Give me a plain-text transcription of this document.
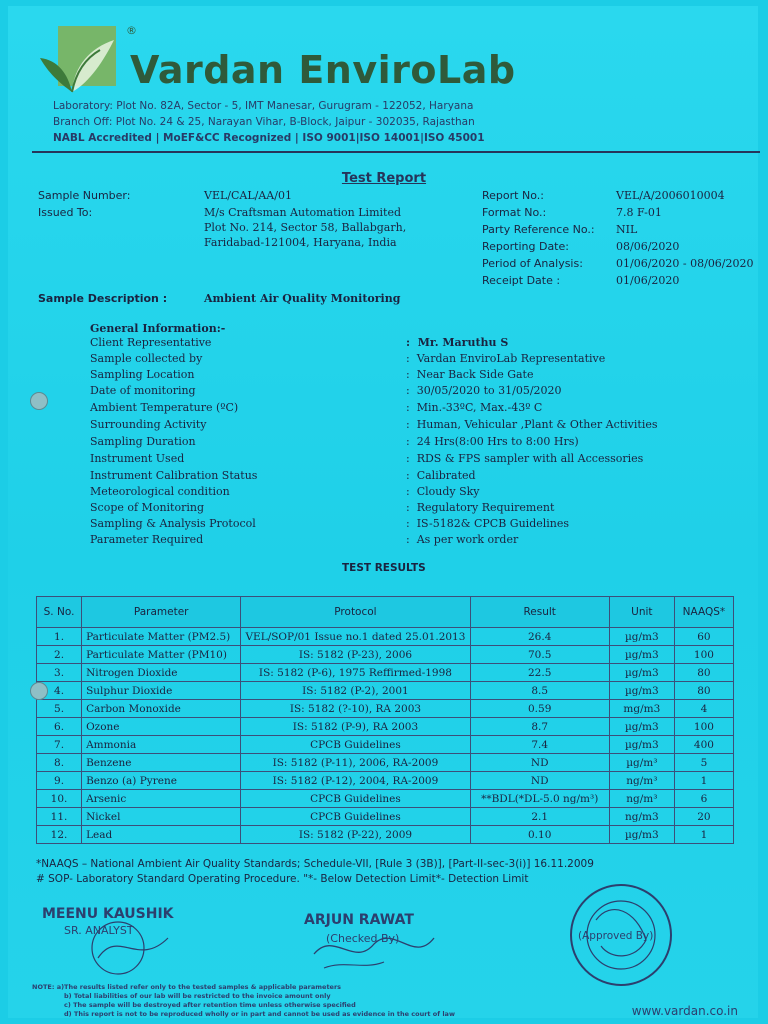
®
Vardan EnviroLab
Laboratory: Plot No. 82A, Sector - 5, IMT Manesar, Gurugram - 122052, Haryana
Branch Off: Plot No. 24 & 25, Narayan Vihar, B-Block, Jaipur - 302035, Rajasthan
NABL Accredited | MoEF&CC Recognized | ISO 9001|ISO 14001|ISO 45001
Test Report
Sample Number:	VEL/CAL/AA/01
Issued To:	M/s Craftsman Automation Limited
Plot No. 214, Sector 58, Ballabgarh,
Faridabad-121004, Haryana, India
Report No.:	VEL/A/2006010004
Format No.:	7.8 F-01
Party Reference No.: NIL
Reporting Date:	08/06/2020
Period of Analysis:	01/06/2020 - 08/06/2020
Receipt Date :	01/06/2020
Sample Description :	Ambient Air Quality Monitoring
General Information:-
Client Representative	:  Mr. Maruthu S
Sample collected by	:  Vardan EnviroLab Representative
Sampling Location	:  Near Back Side Gate
Date of monitoring	:  30/05/2020 to 31/05/2020
Ambient Temperature (ºC)	:  Min.-33ºC, Max.-43º C
Surrounding Activity	:  Human, Vehicular ,Plant & Other Activities
Sampling Duration	:  24 Hrs(8:00 Hrs to 8:00 Hrs)
Instrument Used	:  RDS & FPS sampler with all Accessories
Instrument Calibration Status	:  Calibrated
Meteorological condition	:  Cloudy Sky
Scope of Monitoring	:  Regulatory Requirement
Sampling & Analysis Protocol	:  IS-5182& CPCB Guidelines
Parameter Required	:  As per work order
TEST RESULTS
S. No.	Parameter	Protocol	Result	Unit	NAAQS*
1.	Particulate Matter (PM2.5)	VEL/SOP/01 Issue no.1 dated 25.01.2013	26.4	µg/m3	60
2.	Particulate Matter (PM10)	IS: 5182 (P-23), 2006	70.5	µg/m3	100
3.	Nitrogen Dioxide	IS: 5182 (P-6), 1975 Reffirmed-1998	22.5	µg/m3	80
4.	Sulphur Dioxide	IS: 5182 (P-2), 2001	8.5	µg/m3	80
5.	Carbon Monoxide	IS: 5182 (?-10), RA 2003	0.59	mg/m3	4
6.	Ozone	IS: 5182 (P-9), RA 2003	8.7	µg/m3	100
7.	Ammonia	CPCB Guidelines	7.4	µg/m3	400
8.	Benzene	IS: 5182 (P-11), 2006, RA-2009	ND	µg/m³	5
9.	Benzo (a) Pyrene	IS: 5182 (P-12), 2004, RA-2009	ND	ng/m³	1
10.	Arsenic	CPCB Guidelines	**BDL(*DL-5.0 ng/m³)	ng/m³	6
11.	Nickel	CPCB Guidelines	2.1	ng/m3	20
12.	Lead	IS: 5182 (P-22), 2009	0.10	µg/m3	1
*NAAQS – National Ambient Air Quality Standards; Schedule-VII, [Rule 3 (3B)], [Part-II-sec-3(i)] 16.11.2009
# SOP- Laboratory Standard Operating Procedure. "*- Below Detection Limit*- Detection Limit
MEENU KAUSHIK
SR. ANALYST
ARJUN RAWAT
(Checked By)	(Approved By)
NOTE: a)The results listed refer only to the tested samples & applicable parameters
b) Total liabilities of our lab will be restricted to the invoice amount only
c) The sample will be destroyed after retention time unless otherwise specified
d) This report is not to be reproduced wholly or in part and cannot be used as evidence in the court of law	www.vardan.co.in
